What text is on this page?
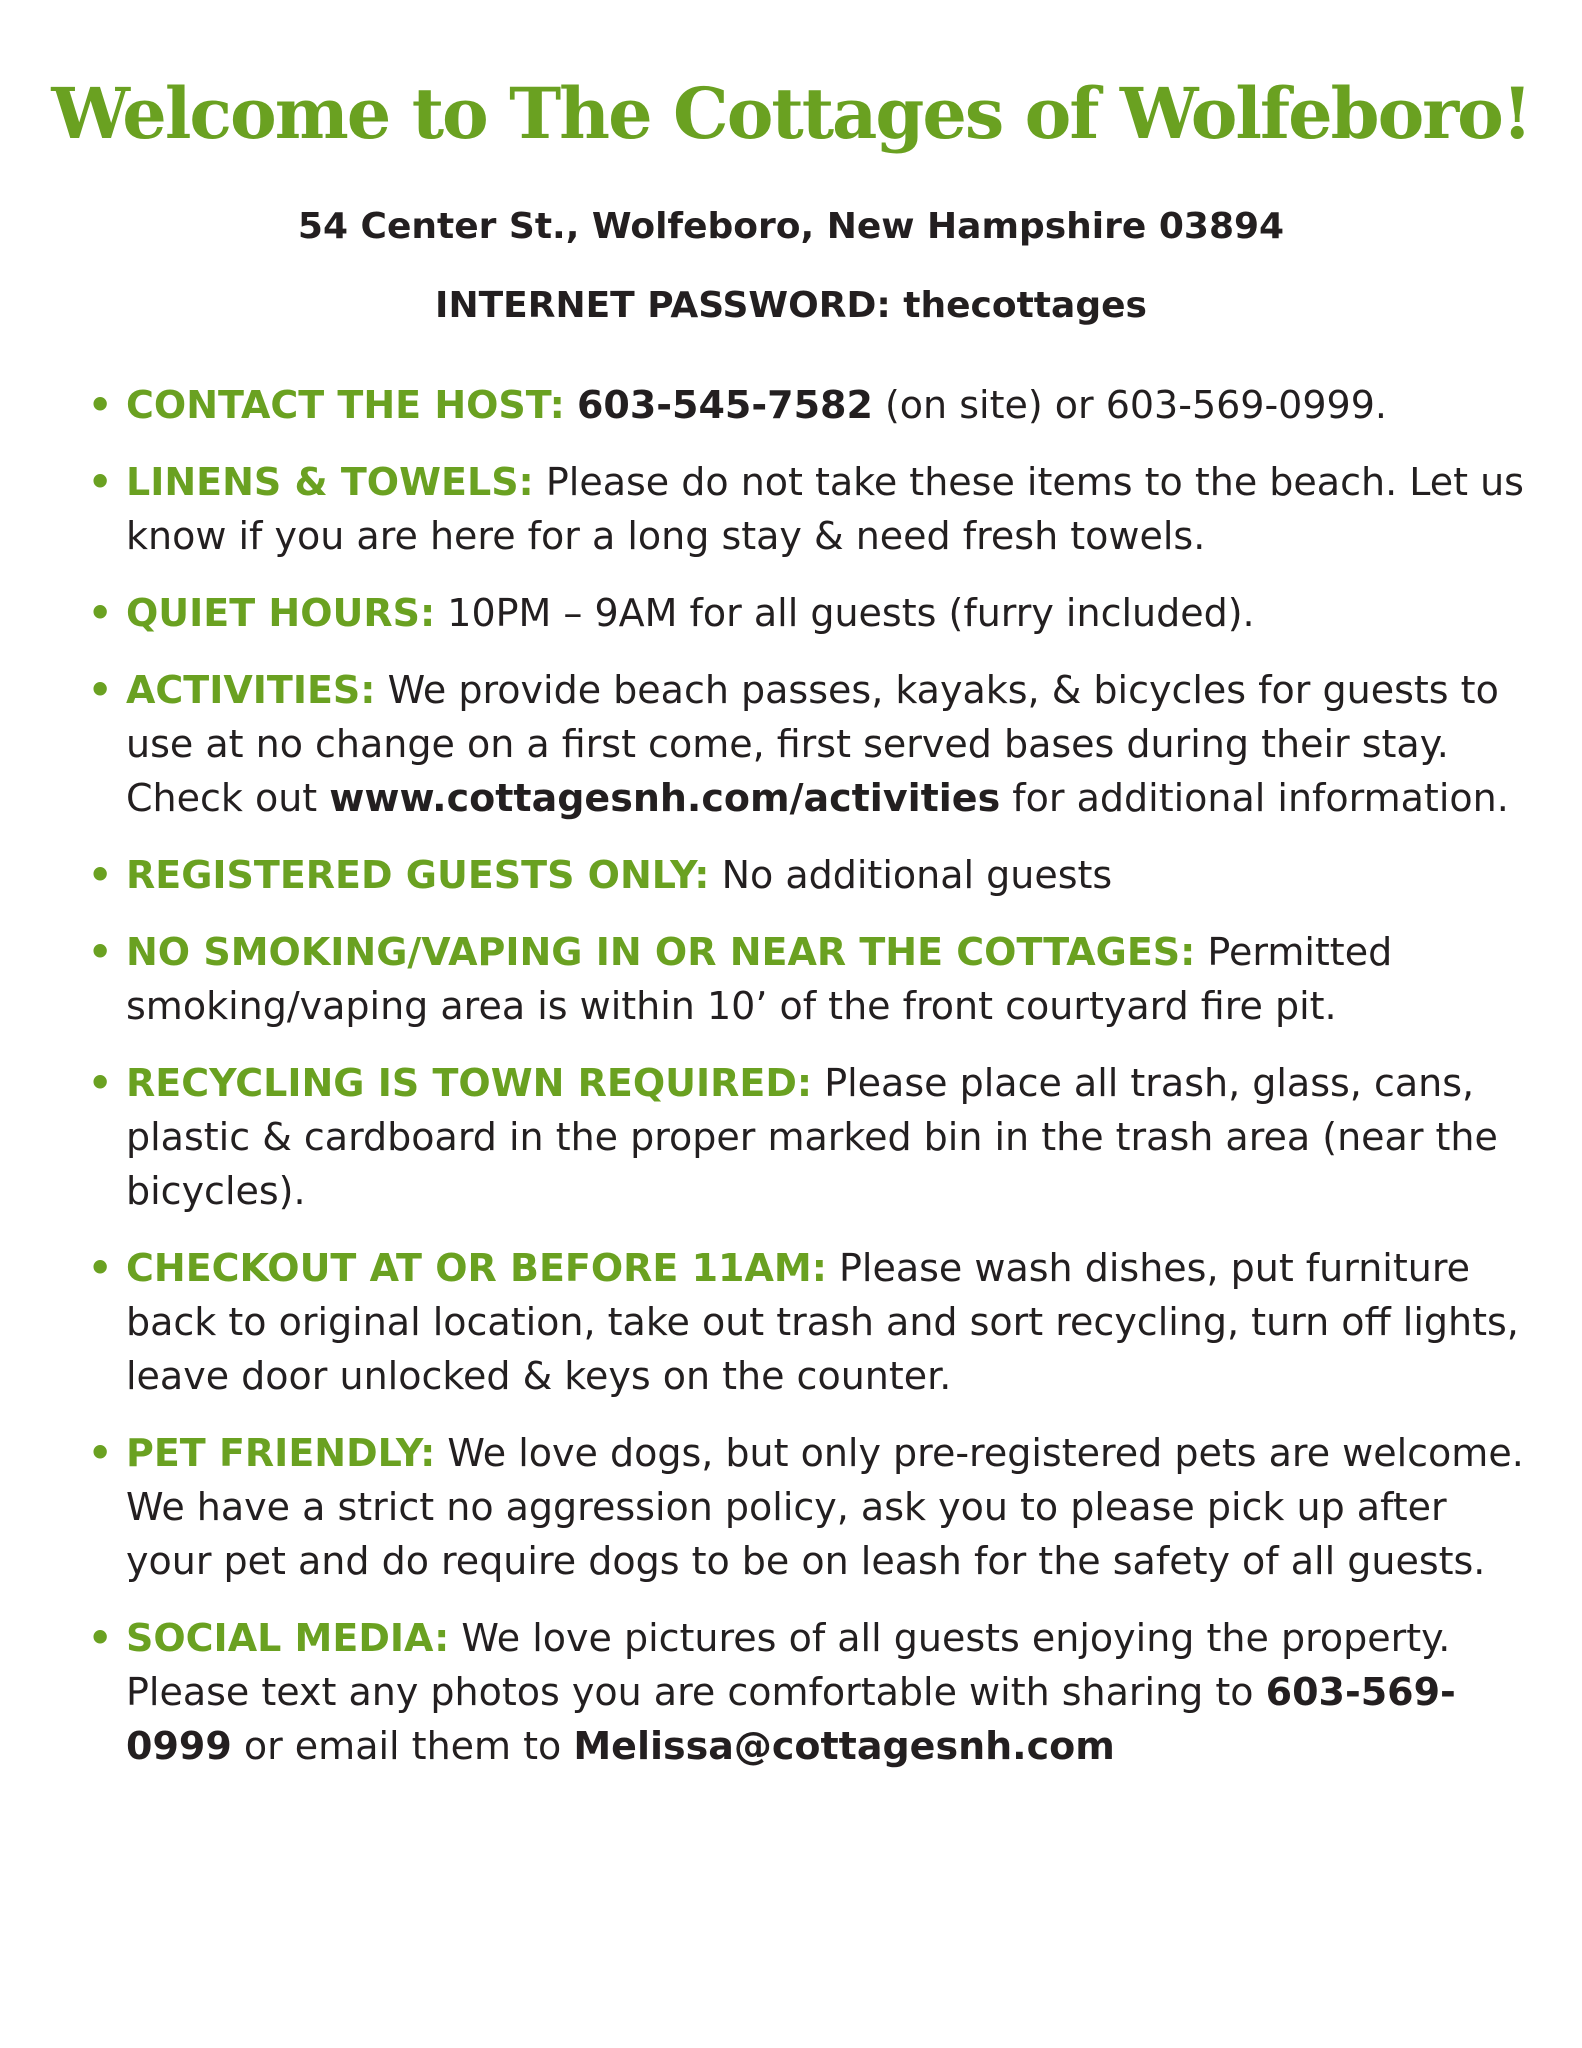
Welcome to The Cottages of Wolfeboro!
54 Center St., Wolfeboro, New Hampshire 03894
INTERNET PASSWORD: thecottages
• CONTACT THE HOST: 603-545-7582 (on site) or 603-569-0999.
• LINENS & TOWELS: Please do not take these items to the beach. Let us know if you are here for a long stay & need fresh towels.
• QUIET HOURS: 10PM – 9AM for all guests (furry included).
• ACTIVITIES: We provide beach passes, kayaks, & bicycles for guests to use at no change on a first come, first served bases during their stay. Check out www.cottagesnh.com/activities for additional information.
• REGISTERED GUESTS ONLY: No additional guests
• NO SMOKING/VAPING IN OR NEAR THE COTTAGES: Permitted smoking/vaping area is within 10’ of the front courtyard fire pit.
• RECYCLING IS TOWN REQUIRED: Please place all trash, glass, cans, plastic & cardboard in the proper marked bin in the trash area (near the bicycles).
• CHECKOUT AT OR BEFORE 11AM: Please wash dishes, put furniture back to original location, take out trash and sort recycling, turn off lights, leave door unlocked & keys on the counter.
• PET FRIENDLY: We love dogs, but only pre-registered pets are welcome. We have a strict no aggression policy, ask you to please pick up after your pet and do require dogs to be on leash for the safety of all guests.
• SOCIAL MEDIA: We love pictures of all guests enjoying the property. Please text any photos you are comfortable with sharing to 603-569-0999 or email them to Melissa@cottagesnh.com
